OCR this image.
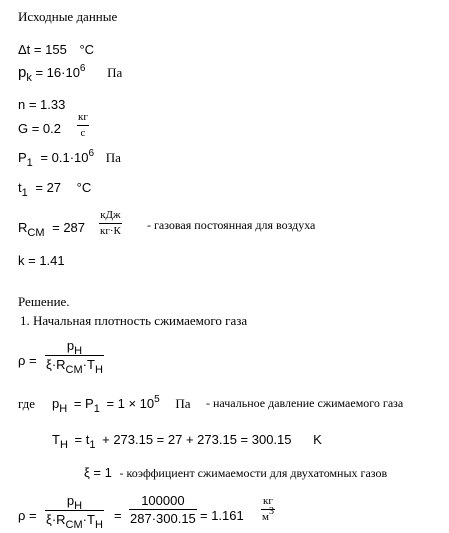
Исходные данные
Δt = 155 °C
$p_k = 16\cdot 10^6$ Па
n = 1.33
G = 0.2
кг
с
$P_1 = 0.1\cdot 10^6$ Па
$t_1 = 27$ °C
$R_{CM} = 287$
кДж
кг·К - газовая постоянная для воздуха
k = 1.41
Решение.
1. Начальная плотность сжимаемого газа
ρ =
$p_H$
$\xi\cdot R_{CM}\cdot T_H$
где $p_H = P_1 = 1 \times 10^5$ Па - начальное давление сжимаемого газа
$T_H = t_1 + 273.15 = 27 + 273.15 = 300.15$ K
ξ = 1 - коэффициент сжимаемости для двухатомных газов
ρ =
$p_H$
$\xi\cdot R_{CM}\cdot T_H$
=
100000
287·300.15 = 1.161
кг
м3
